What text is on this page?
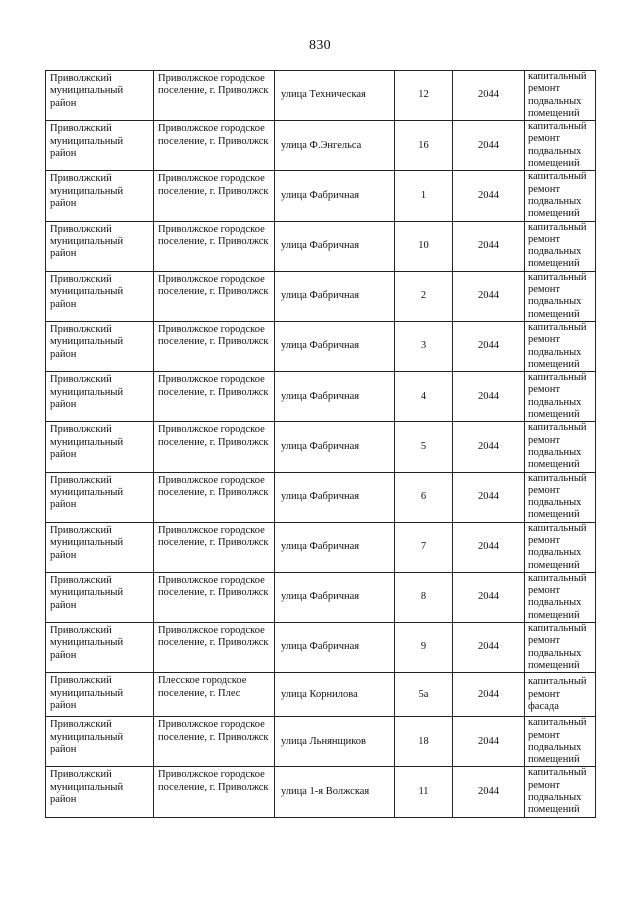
830
Приволжский муниципальный район	Приволжское городское поселение, г. Приволжск	улица Техническая	12	2044	капитальный ремонт подвальных помещений
Приволжский муниципальный район	Приволжское городское поселение, г. Приволжск	улица Ф.Энгельса	16	2044	капитальный ремонт подвальных помещений
Приволжский муниципальный район	Приволжское городское поселение, г. Приволжск	улица Фабричная	1	2044	капитальный ремонт подвальных помещений
Приволжский муниципальный район	Приволжское городское поселение, г. Приволжск	улица Фабричная	10	2044	капитальный ремонт подвальных помещений
Приволжский муниципальный район	Приволжское городское поселение, г. Приволжск	улица Фабричная	2	2044	капитальный ремонт подвальных помещений
Приволжский муниципальный район	Приволжское городское поселение, г. Приволжск	улица Фабричная	3	2044	капитальный ремонт подвальных помещений
Приволжский муниципальный район	Приволжское городское поселение, г. Приволжск	улица Фабричная	4	2044	капитальный ремонт подвальных помещений
Приволжский муниципальный район	Приволжское городское поселение, г. Приволжск	улица Фабричная	5	2044	капитальный ремонт подвальных помещений
Приволжский муниципальный район	Приволжское городское поселение, г. Приволжск	улица Фабричная	6	2044	капитальный ремонт подвальных помещений
Приволжский муниципальный район	Приволжское городское поселение, г. Приволжск	улица Фабричная	7	2044	капитальный ремонт подвальных помещений
Приволжский муниципальный район	Приволжское городское поселение, г. Приволжск	улица Фабричная	8	2044	капитальный ремонт подвальных помещений
Приволжский муниципальный район	Приволжское городское поселение, г. Приволжск	улица Фабричная	9	2044	капитальный ремонт подвальных помещений
Приволжский муниципальный район	Плесское городское поселение, г. Плес	улица Корнилова	5а	2044	капитальный ремонт фасада
Приволжский муниципальный район	Приволжское городское поселение, г. Приволжск	улица Льнянщиков	18	2044	капитальный ремонт подвальных помещений
Приволжский муниципальный район	Приволжское городское поселение, г. Приволжск	улица 1-я Волжская	11	2044	капитальный ремонт подвальных помещений
